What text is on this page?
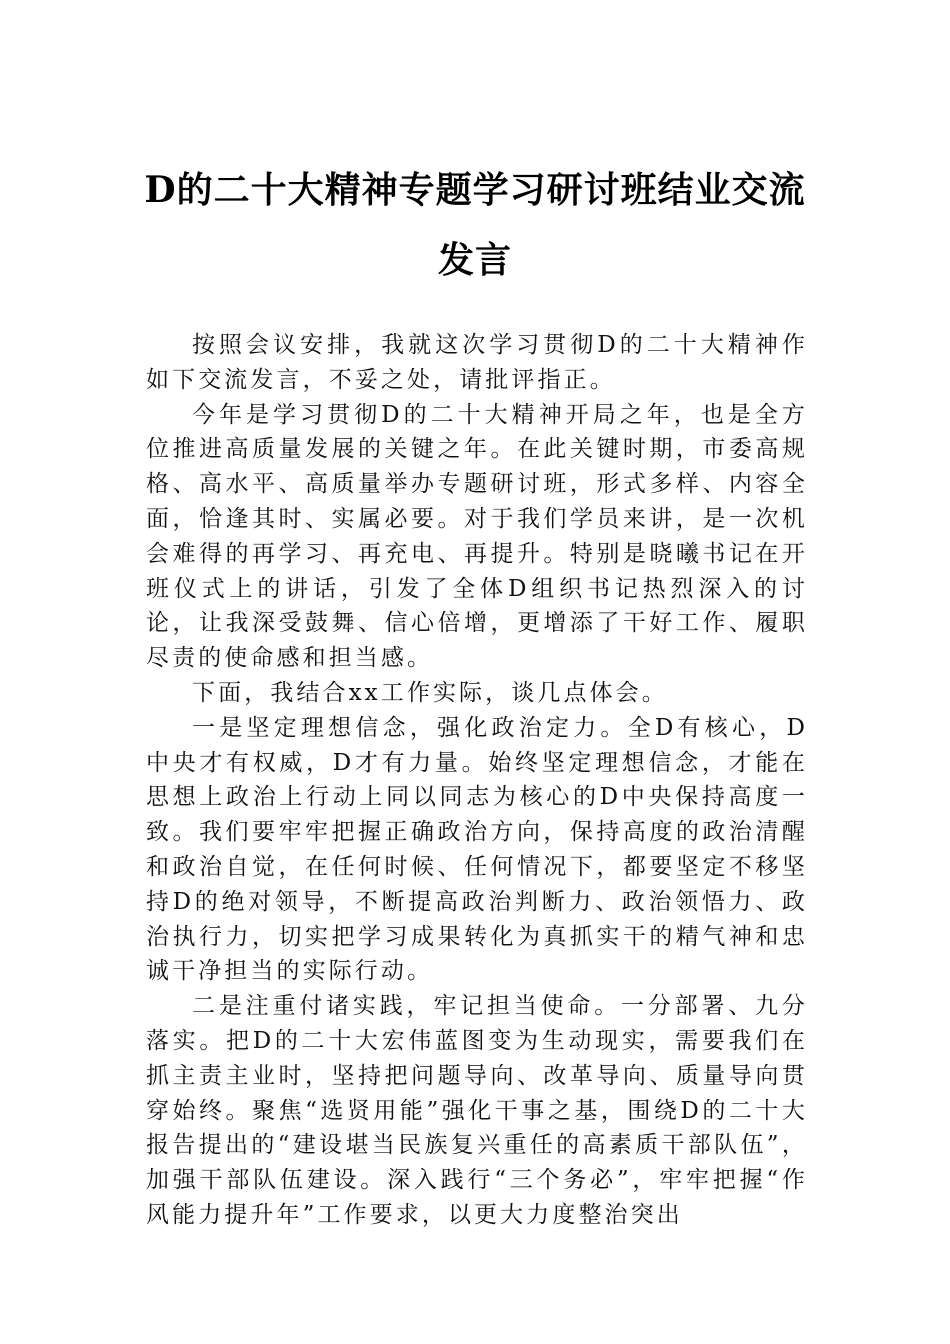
D的二十大精神专题学习研讨班结业交流
发言

按照会议安排，我就这次学习贯彻D的二十大精神作如下交流发言，不妥之处，请批评指正。

今年是学习贯彻D的二十大精神开局之年，也是全方位推进高质量发展的关键之年。在此关键时期，市委高规格、高水平、高质量举办专题研讨班，形式多样、内容全面，恰逢其时、实属必要。对于我们学员来讲，是一次机会难得的再学习、再充电、再提升。特别是晓曦书记在开班仪式上的讲话，引发了全体D组织书记热烈深入的讨论，让我深受鼓舞、信心倍增，更增添了干好工作、履职尽责的使命感和担当感。

下面，我结合xx工作实际，谈几点体会。

一是坚定理想信念，强化政治定力。全D有核心，D中央才有权威，D才有力量。始终坚定理想信念，才能在思想上政治上行动上同以同志为核心的D中央保持高度一致。我们要牢牢把握正确政治方向，保持高度的政治清醒和政治自觉，在任何时候、任何情况下，都要坚定不移坚持D的绝对领导，不断提高政治判断力、政治领悟力、政治执行力，切实把学习成果转化为真抓实干的精气神和忠诚干净担当的实际行动。

二是注重付诸实践，牢记担当使命。一分部署、九分落实。把D的二十大宏伟蓝图变为生动现实，需要我们在抓主责主业时，坚持把问题导向、改革导向、质量导向贯穿始终。聚焦“选贤用能”强化干事之基，围绕D的二十大报告提出的“建设堪当民族复兴重任的高素质干部队伍”，加强干部队伍建设。深入践行“三个务必”，牢牢把握“作风能力提升年”工作要求，以更大力度整治突出
